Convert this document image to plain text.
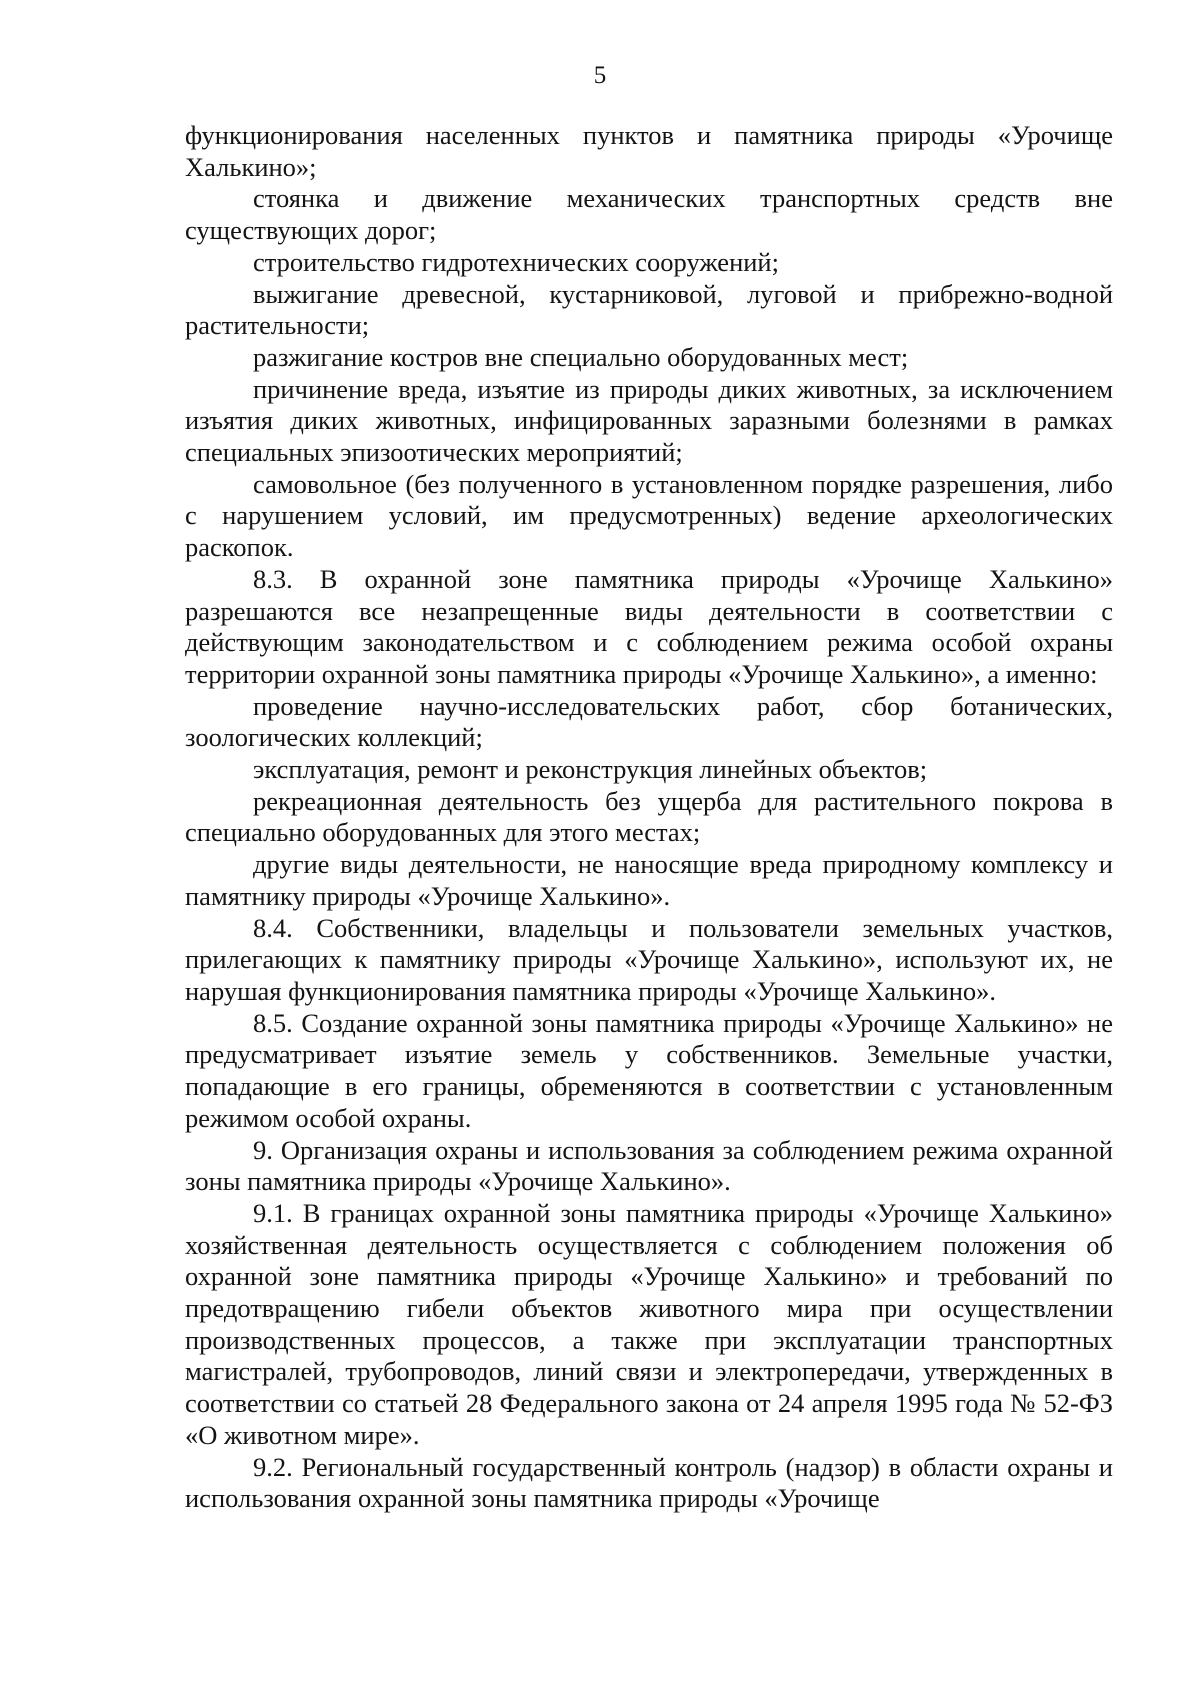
5

функционирования населенных пунктов и памятника природы «Урочище Халькино»;

стоянка и движение механических транспортных средств вне существующих дорог;

строительство гидротехнических сооружений;

выжигание древесной, кустарниковой, луговой и прибрежно-водной растительности;

разжигание костров вне специально оборудованных мест;

причинение вреда, изъятие из природы диких животных, за исключением изъятия диких животных, инфицированных заразными болезнями в рамках специальных эпизоотических мероприятий;

самовольное (без полученного в установленном порядке разрешения, либо с нарушением условий, им предусмотренных) ведение археологических раскопок.

8.3. В охранной зоне памятника природы «Урочище Халькино» разрешаются все незапрещенные виды деятельности в соответствии с действующим законодательством и с соблюдением режима особой охраны территории охранной зоны памятника природы «Урочище Халькино», а именно:

проведение научно-исследовательских работ, сбор ботанических, зоологических коллекций;

эксплуатация, ремонт и реконструкция линейных объектов;

рекреационная деятельность без ущерба для растительного покрова в специально оборудованных для этого местах;

другие виды деятельности, не наносящие вреда природному комплексу и памятнику природы «Урочище Халькино».

8.4. Собственники, владельцы и пользователи земельных участков, прилегающих к памятнику природы «Урочище Халькино», используют их, не нарушая функционирования памятника природы «Урочище Халькино».

8.5. Создание охранной зоны памятника природы «Урочище Халькино» не предусматривает изъятие земель у собственников. Земельные участки, попадающие в его границы, обременяются в соответствии с установленным режимом особой охраны.

9. Организация охраны и использования за соблюдением режима охранной зоны памятника природы «Урочище Халькино».

9.1. В границах охранной зоны памятника природы «Урочище Халькино» хозяйственная деятельность осуществляется с соблюдением положения об охранной зоне памятника природы «Урочище Халькино» и требований по предотвращению гибели объектов животного мира при осуществлении производственных процессов, а также при эксплуатации транспортных магистралей, трубопроводов, линий связи и электропередачи, утвержденных в соответствии со статьей 28 Федерального закона от 24 апреля 1995 года № 52-ФЗ «О животном мире».

9.2. Региональный государственный контроль (надзор) в области охраны и использования охранной зоны памятника природы «Урочище
